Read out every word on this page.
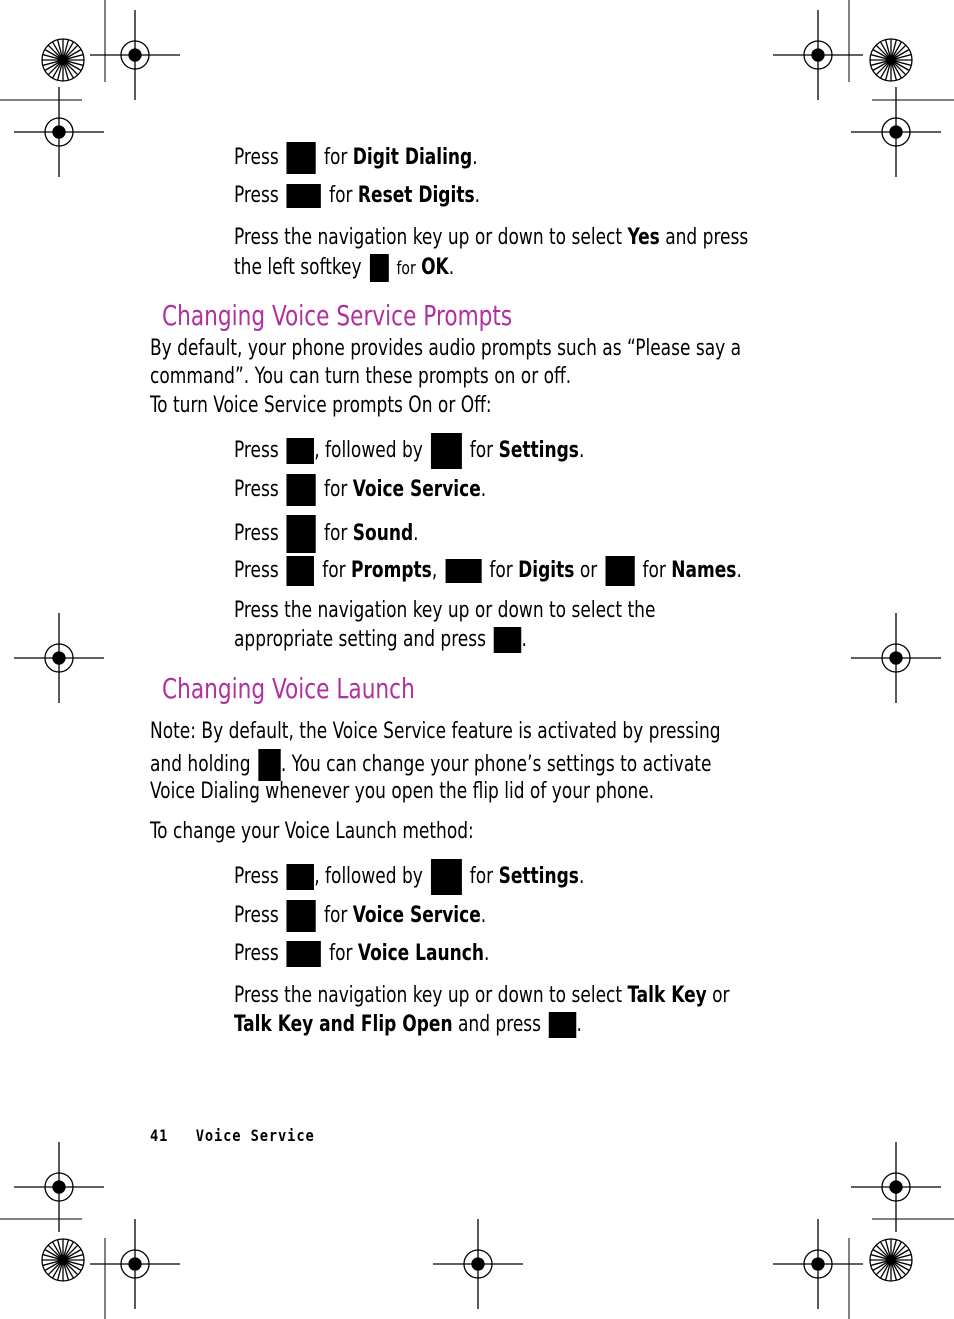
Press for Digit Dialing.
Press for Reset Digits.
Press the navigation key up or down to select Yes and press
the left softkey for OK.
Changing Voice Service Prompts
By default, your phone provides audio prompts such as “Please say a
command”. You can turn these prompts on or off.
To turn Voice Service prompts On or Off:
Press , followed by for Settings.
Press for Voice Service.
Press for Sound.
Press for Prompts, for Digits or for Names.
Press the navigation key up or down to select the
appropriate setting and press .
Changing Voice Launch
Note: By default, the Voice Service feature is activated by pressing
and holding . You can change your phone’s settings to activate
Voice Dialing whenever you open the flip lid of your phone.
To change your Voice Launch method:
Press , followed by for Settings.
Press for Voice Service.
Press for Voice Launch.
Press the navigation key up or down to select Talk Key or
Talk Key and Flip Open and press .
41 Voice Service
